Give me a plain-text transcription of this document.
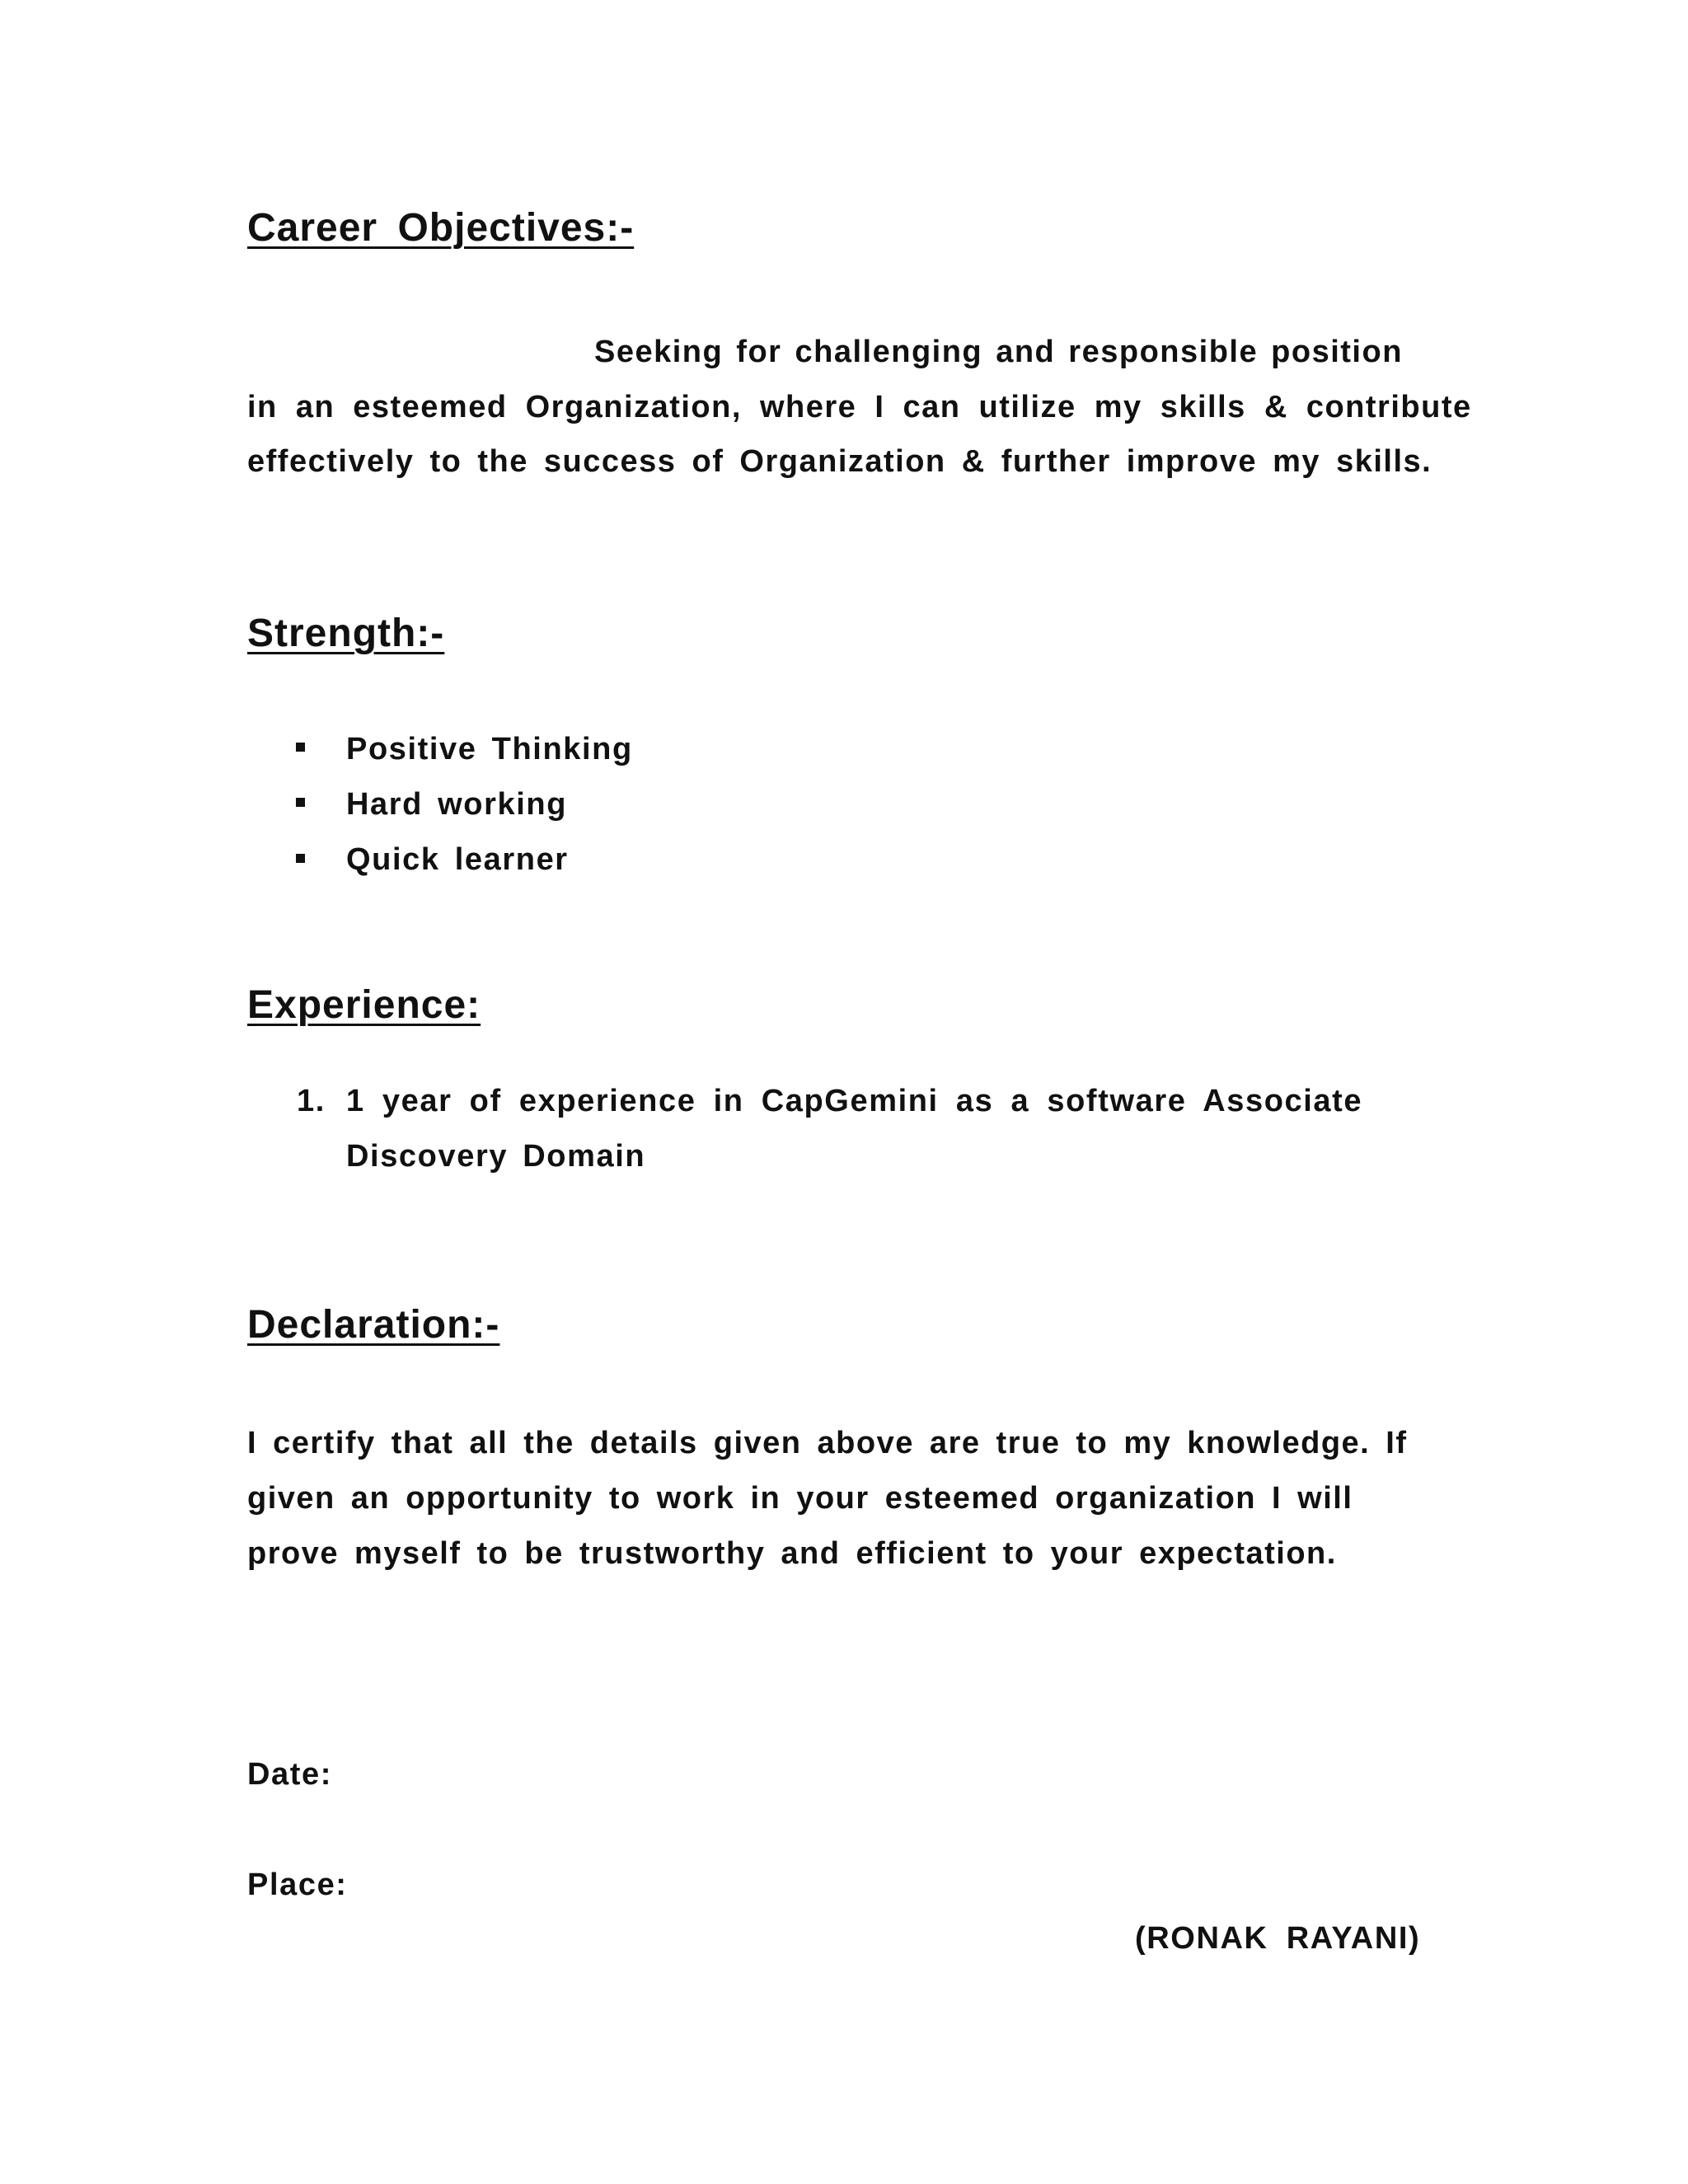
Career Objectives:-

Seeking for challenging and responsible position

in an esteemed Organization, where I can utilize my skills & contribute

effectively to the success of Organization & further improve my skills.

Strength:-

Positive Thinking

Hard working

Quick learner

Experience:

1. 1 year of experience in CapGemini as a software Associate

Discovery Domain

Declaration:-

I certify that all the details given above are true to my knowledge. If

given an opportunity to work in your esteemed organization I will

prove myself to be trustworthy and efficient to your expectation.

Date:

Place:

(RONAK RAYANI)
